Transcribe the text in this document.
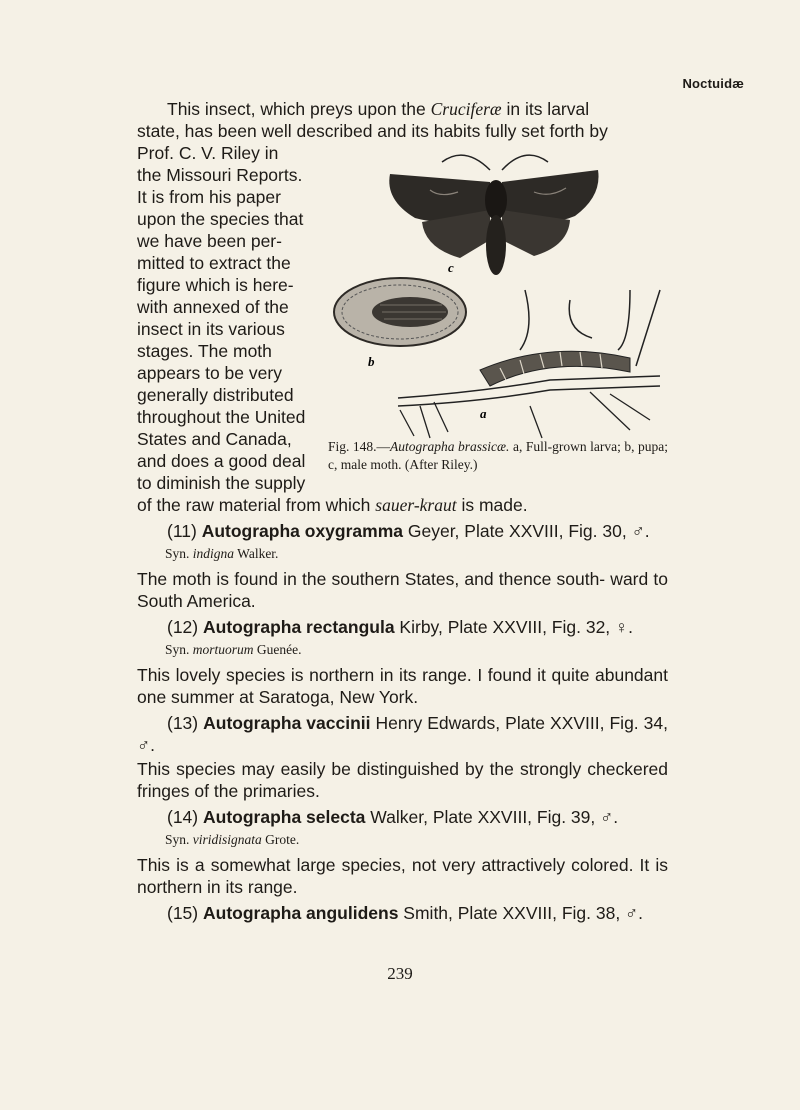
Noctuidæ
c
b
a
Fig. 148.—Autographa brassicæ. a, Full-grown larva; b, pupa; c, male moth. (After Riley.)

This insect, which preys upon the Cruciferæ in its larval

state, has been well described and its habits fully set forth by

Prof. C. V. Riley in
the Missouri Reports.
It is from his paper
upon the species that
we have been per-
mitted to extract the
figure which is here-
with annexed of the
insect in its various
stages. The moth
appears to be very
generally distributed
throughout the United
States and Canada,
and does a good deal
to diminish the supply

of the raw material from which sauer-kraut is made.

(11) Autographa oxygramma Geyer, Plate XXVIII, Fig. 30, ♂.

Syn. indigna Walker.

The moth is found in the southern States, and thence south- ward to South America.

(12) Autographa rectangula Kirby, Plate XXVIII, Fig. 32, ♀.

Syn. mortuorum Guenée.

This lovely species is northern in its range. I found it quite abundant one summer at Saratoga, New York.

(13) Autographa vaccinii Henry Edwards, Plate XXVIII, Fig. 34, ♂.

This species may easily be distinguished by the strongly checkered fringes of the primaries.

(14) Autographa selecta Walker, Plate XXVIII, Fig. 39, ♂.

Syn. viridisignata Grote.

This is a somewhat large species, not very attractively colored. It is northern in its range.

(15) Autographa angulidens Smith, Plate XXVIII, Fig. 38, ♂.

239
